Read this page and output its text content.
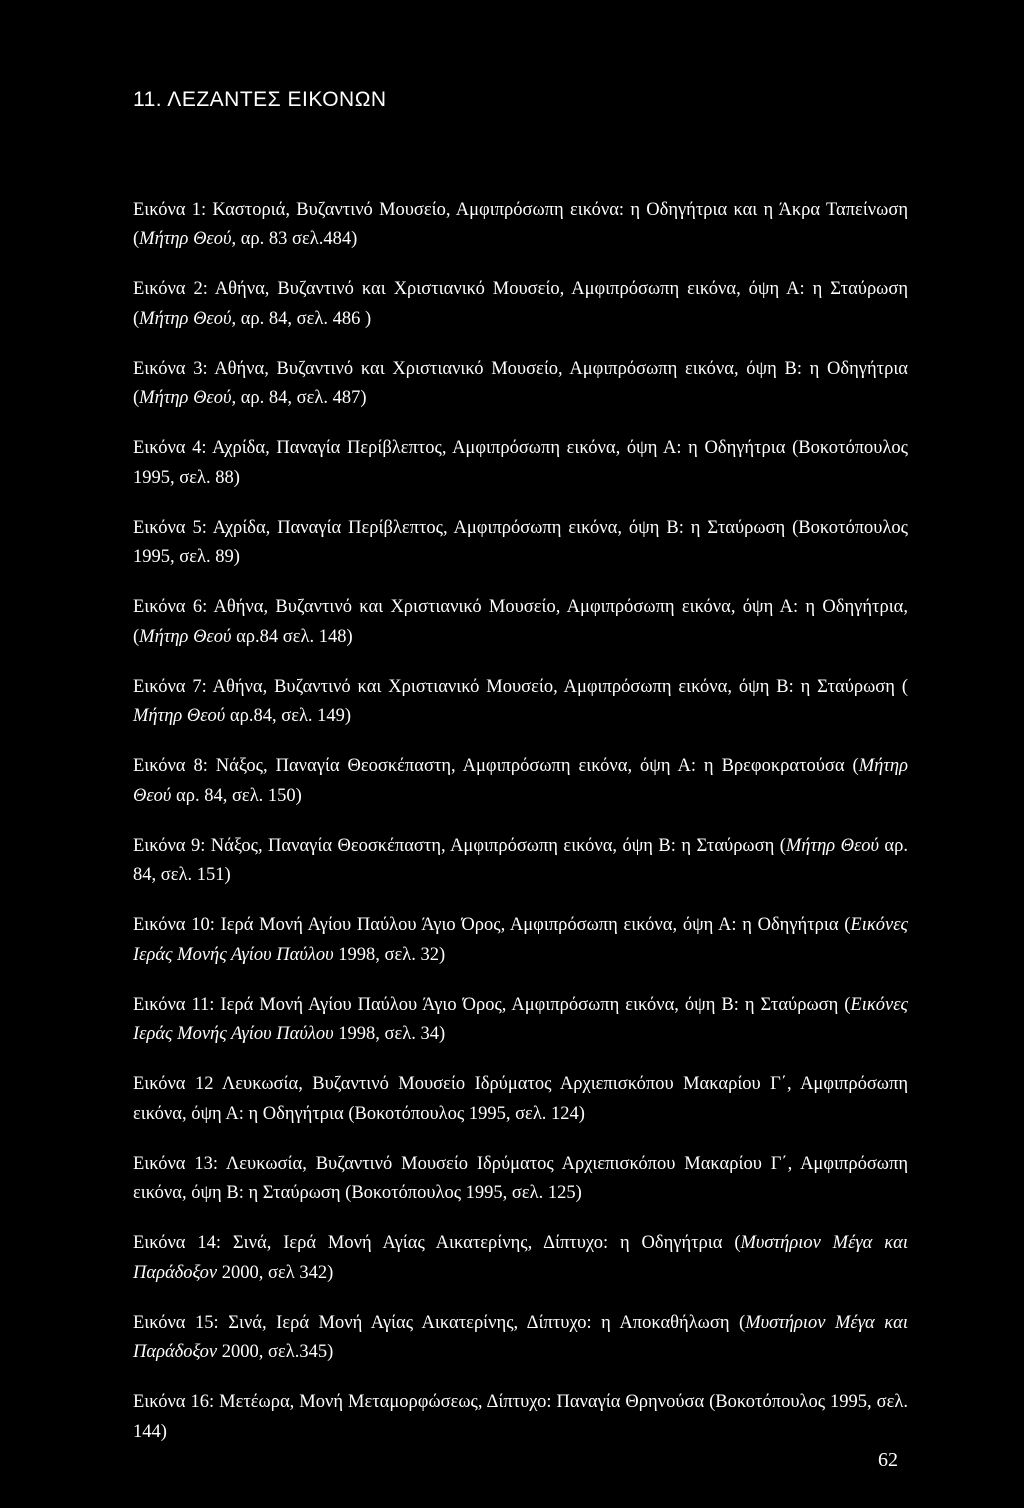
11. ΛΕΖΑΝΤΕΣ ΕΙΚΟΝΩΝ

Εικόνα 1: Καστοριά, Βυζαντινό Μουσείο, Αμφιπρόσωπη εικόνα: η Οδηγήτρια και η Άκρα Ταπείνωση (Μήτηρ Θεού, αρ. 83 σελ.484)

Εικόνα 2: Αθήνα, Βυζαντινό και Χριστιανικό Μουσείο, Αμφιπρόσωπη εικόνα, όψη Α: η Σταύρωση (Μήτηρ Θεού, αρ. 84, σελ. 486 )

Εικόνα 3: Αθήνα, Βυζαντινό και Χριστιανικό Μουσείο, Αμφιπρόσωπη εικόνα, όψη Β: η Οδηγήτρια (Μήτηρ Θεού, αρ. 84, σελ. 487)

Εικόνα 4: Αχρίδα, Παναγία Περίβλεπτος, Αμφιπρόσωπη εικόνα, όψη Α: η Οδηγήτρια (Βοκοτόπουλος 1995, σελ. 88)

Εικόνα 5: Αχρίδα, Παναγία Περίβλεπτος, Αμφιπρόσωπη εικόνα, όψη Β: η Σταύρωση (Βοκοτόπουλος 1995, σελ. 89)

Εικόνα 6: Αθήνα, Βυζαντινό και Χριστιανικό Μουσείο, Αμφιπρόσωπη εικόνα, όψη Α: η Οδηγήτρια, (Μήτηρ Θεού αρ.84 σελ. 148)

Εικόνα 7: Αθήνα, Βυζαντινό και Χριστιανικό Μουσείο, Αμφιπρόσωπη εικόνα, όψη Β: η Σταύρωση ( Μήτηρ Θεού αρ.84, σελ. 149)

Εικόνα 8: Νάξος, Παναγία Θεοσκέπαστη, Αμφιπρόσωπη εικόνα, όψη Α: η Βρεφοκρατούσα (Μήτηρ Θεού αρ. 84, σελ. 150)

Εικόνα 9: Νάξος, Παναγία Θεοσκέπαστη, Αμφιπρόσωπη εικόνα, όψη Β: η Σταύρωση (Μήτηρ Θεού αρ. 84, σελ. 151)

Εικόνα 10: Ιερά Μονή Αγίου Παύλου Άγιο Όρος, Αμφιπρόσωπη εικόνα, όψη Α: η Οδηγήτρια (Εικόνες Ιεράς Μονής Αγίου Παύλου 1998, σελ. 32)

Εικόνα 11: Ιερά Μονή Αγίου Παύλου Άγιο Όρος, Αμφιπρόσωπη εικόνα, όψη Β: η Σταύρωση (Εικόνες Ιεράς Μονής Αγίου Παύλου 1998, σελ. 34)

Εικόνα 12 Λευκωσία, Βυζαντινό Μουσείο Ιδρύματος Αρχιεπισκόπου Μακαρίου Γ΄, Αμφιπρόσωπη εικόνα, όψη Α: η Οδηγήτρια (Βοκοτόπουλος 1995, σελ. 124)

Εικόνα 13: Λευκωσία, Βυζαντινό Μουσείο Ιδρύματος Αρχιεπισκόπου Μακαρίου Γ΄, Αμφιπρόσωπη εικόνα, όψη Β: η Σταύρωση (Βοκοτόπουλος 1995, σελ. 125)

Εικόνα 14: Σινά, Ιερά Μονή Αγίας Αικατερίνης, Δίπτυχο: η Οδηγήτρια (Μυστήριον Μέγα και Παράδοξον 2000, σελ 342)

Εικόνα 15: Σινά, Ιερά Μονή Αγίας Αικατερίνης, Δίπτυχο: η Αποκαθήλωση (Μυστήριον Μέγα και Παράδοξον 2000, σελ.345)

Εικόνα 16: Μετέωρα, Μονή Μεταμορφώσεως, Δίπτυχο: Παναγία Θρηνούσα (Βοκοτόπουλος 1995, σελ. 144)

62
